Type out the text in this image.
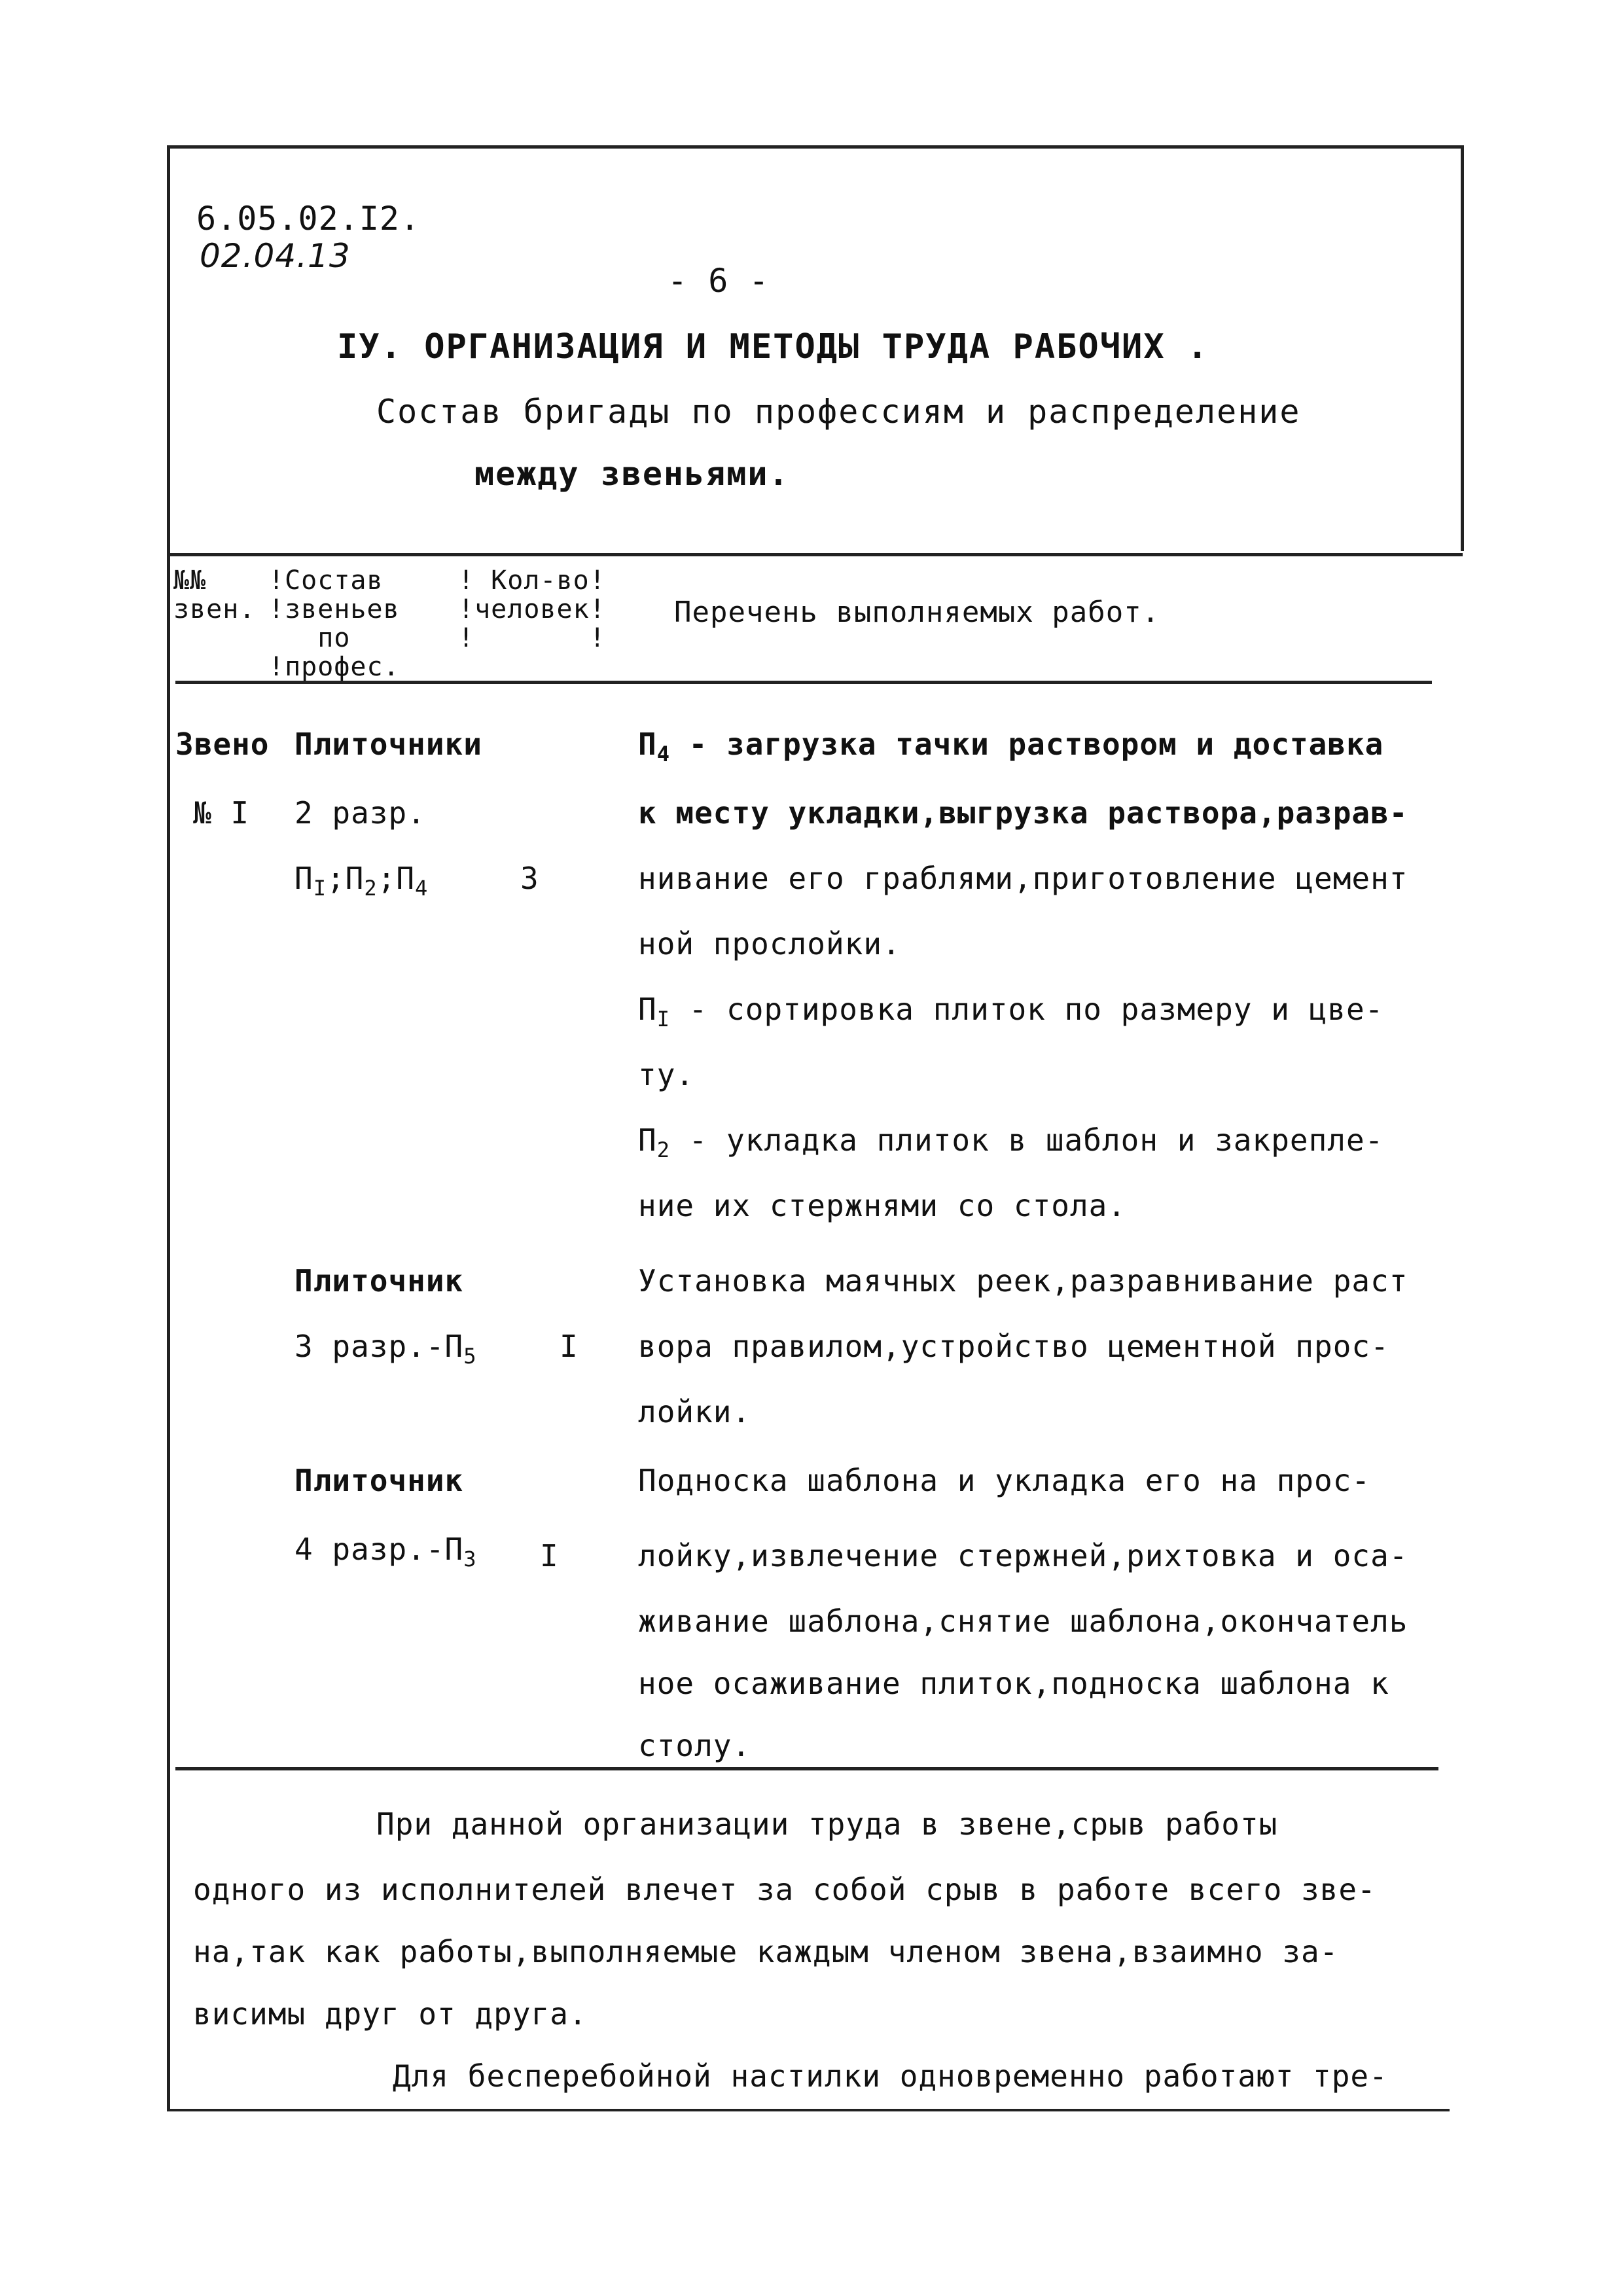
6.05.02.I2.
02.04.13
- 6 -
IУ. ОРГАНИЗАЦИЯ И МЕТОДЫ ТРУДА РАБОЧИХ .
Состав бригады по профессиям и распределение
между звеньями.
№№
звен.
!Состав
!звеньев
по
!профес.
! Кол-во!
!человек!
!       !
Перечень выполняемых работ.
Звено
№ I
Плиточники
2 разр.
$П_I;П_2;П_4$	3
$П_4$ - загрузка тачки раствором и доставка
к месту укладки,выгрузка раствора,разрав-
нивание его граблями,приготовление цемент
ной прослойки.
$П_I$ - сортировка плиток по размеру и цве-
ту.
$П_2$ - укладка плиток в шаблон и закрепле-
ние их стержнями со стола.
Плиточник
3 $разр.-П_5$	I
Установка маячных реек,разравнивание раст
вора правилом,устройство цементной прос-
лойки.
Плиточник
4 $разр.-П_3$ I
Подноска шаблона и укладка его на прос-
лойку,извлечение стержней,рихтовка и оса-
живание шаблона,снятие шаблона,окончатель
ное осаживание плиток,подноска шаблона к
столу.
При данной организации труда в звене,срыв работы
одного из исполнителей влечет за собой срыв в работе всего зве-
на,так как работы,выполняемые каждым членом звена,взаимно за-
висимы друг от друга.
Для бесперебойной настилки одновременно работают тре-
